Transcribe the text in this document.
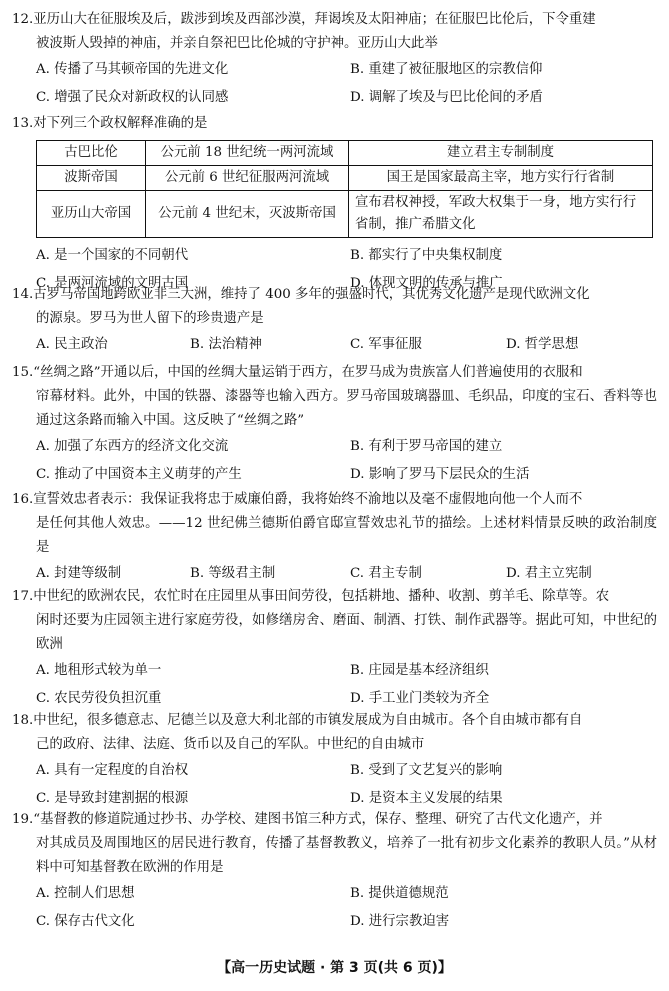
12.亚历山大在征服埃及后，跋涉到埃及西部沙漠，拜谒埃及太阳神庙；在征服巴比伦后，下令重建
被波斯人毁掉的神庙，并亲自祭祀巴比伦城的守护神。亚历山大此举
A. 传播了马其顿帝国的先进文化	B. 重建了被征服地区的宗教信仰
C. 增强了民众对新政权的认同感	D. 调解了埃及与巴比伦间的矛盾
13.对下列三个政权解释准确的是
古巴比伦	公元前 18 世纪统一两河流域	建立君主专制制度
波斯帝国	公元前 6 世纪征服两河流域	国王是国家最高主宰，地方实行行省制
亚历山大帝国	公元前 4 世纪末，灭波斯帝国	宣布君权神授，军政大权集于一身，地方实行行省制，推广希腊文化
A. 是一个国家的不同朝代	B. 都实行了中央集权制度
C. 是两河流域的文明古国	D. 体现文明的传承与推广
14.古罗马帝国地跨欧亚非三大洲，维持了 400 多年的强盛时代，其优秀文化遗产是现代欧洲文化
的源泉。罗马为世人留下的珍贵遗产是
A. 民主政治	B. 法治精神	C. 军事征服	D. 哲学思想
15.“丝绸之路”开通以后，中国的丝绸大量运销于西方，在罗马成为贵族富人们普遍使用的衣服和
帘幕材料。此外，中国的铁器、漆器等也输入西方。罗马帝国玻璃器皿、毛织品，印度的宝石、香料等也通过这条路而输入中国。这反映了“丝绸之路”
A. 加强了东西方的经济文化交流	B. 有利于罗马帝国的建立
C. 推动了中国资本主义萌芽的产生	D. 影响了罗马下层民众的生活
16.宣誓效忠者表示：我保证我将忠于威廉伯爵，我将始终不渝地以及毫不虚假地向他一个人而不
是任何其他人效忠。——12 世纪佛兰德斯伯爵官邸宣誓效忠礼节的描绘。上述材料情景反映的政治制度是
A. 封建等级制	B. 等级君主制	C. 君主专制	D. 君主立宪制
17.中世纪的欧洲农民，农忙时在庄园里从事田间劳役，包括耕地、播种、收割、剪羊毛、除草等。农
闲时还要为庄园领主进行家庭劳役，如修缮房舍、磨面、制酒、打铁、制作武器等。据此可知，中世纪的欧洲
A. 地租形式较为单一	B. 庄园是基本经济组织
C. 农民劳役负担沉重	D. 手工业门类较为齐全
18.中世纪，很多德意志、尼德兰以及意大利北部的市镇发展成为自由城市。各个自由城市都有自
己的政府、法律、法庭、货币以及自己的军队。中世纪的自由城市
A. 具有一定程度的自治权	B. 受到了文艺复兴的影响
C. 是导致封建割据的根源	D. 是资本主义发展的结果
19.“基督教的修道院通过抄书、办学校、建图书馆三种方式，保存、整理、研究了古代文化遗产，并
对其成员及周围地区的居民进行教育，传播了基督教教义，培养了一批有初步文化素养的教职人员。”从材料中可知基督教在欧洲的作用是
A. 控制人们思想	B. 提供道德规范
C. 保存古代文化	D. 进行宗教迫害
【高一历史试题 · 第 3 页(共 6 页)】
